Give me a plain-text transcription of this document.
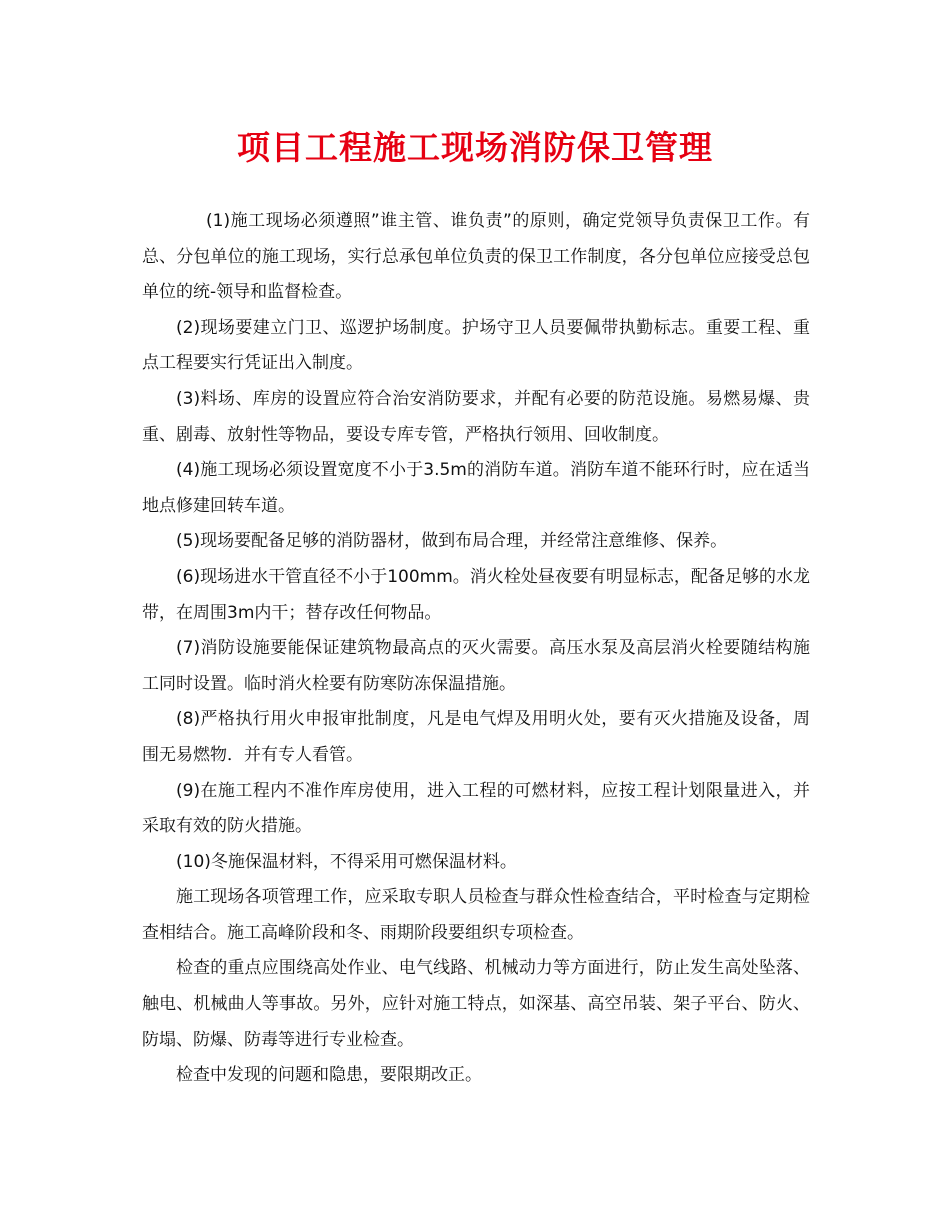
项目工程施工现场消防保卫管理

(1)施工现场必须遵照”谁主管、谁负责”的原则，确定党领导负责保卫工作。有总、分包单位的施工现场，实行总承包单位负责的保卫工作制度，各分包单位应接受总包单位的统-领导和监督检查。

(2)现场要建立门卫、巡逻护场制度。护场守卫人员要佩带执勤标志。重要工程、重点工程要实行凭证出入制度。

(3)料场、库房的设置应符合治安消防要求，并配有必要的防范设施。易燃易爆、贵重、剧毒、放射性等物品，要设专库专管，严格执行领用、回收制度。

(4)施工现场必须设置宽度不小于3.5m的消防车道。消防车道不能环行时，应在适当地点修建回转车道。

(5)现场要配备足够的消防器材，做到布局合理，并经常注意维修、保养。

(6)现场进水干管直径不小于100mm。消火栓处昼夜要有明显标志，配备足够的水龙带，在周围3m内干；替存改任何物品。

(7)消防设施要能保证建筑物最高点的灭火需要。高压水泵及高层消火栓要随结构施工同时设置。临时消火栓要有防寒防冻保温措施。

(8)严格执行用火申报审批制度，凡是电气焊及用明火处，要有灭火措施及设备，周围无易燃物．并有专人看管。

(9)在施工程内不准作库房使用，进入工程的可燃材料，应按工程计划限量进入，并采取有效的防火措施。

(10)冬施保温材料，不得采用可燃保温材料。

施工现场各项管理工作，应采取专职人员检查与群众性检查结合，平时检查与定期检查相结合。施工高峰阶段和冬、雨期阶段要组织专项检查。

检查的重点应围绕高处作业、电气线路、机械动力等方面进行，防止发生高处坠落、触电、机械曲人等事故。另外，应针对施工特点，如深基、高空吊装、架子平台、防火、防塌、防爆、防毒等进行专业检查。

检查中发现的问题和隐患，要限期改正。
